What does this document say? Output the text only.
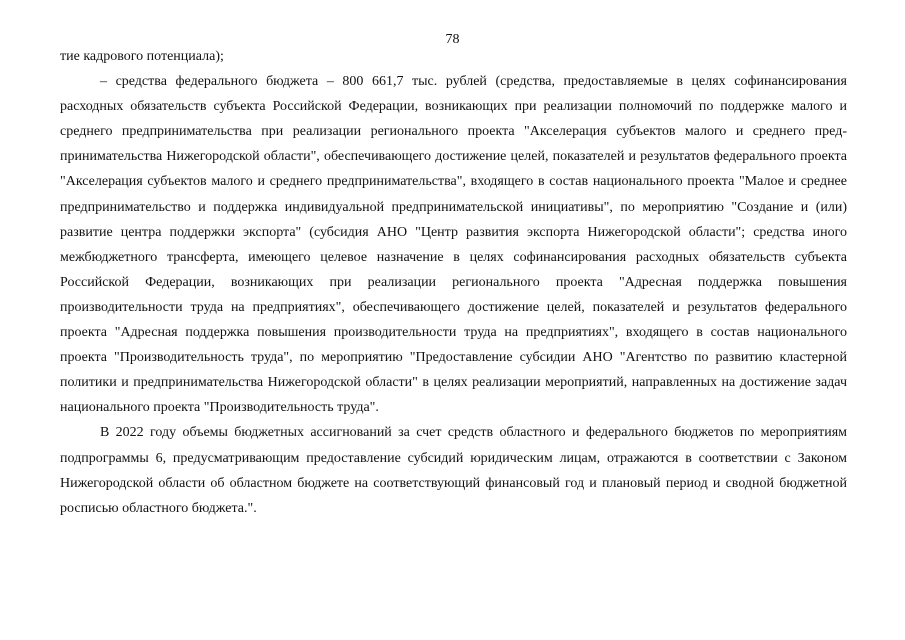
78

тие кадрового потенциала);

– средства федерального бюджета – 800 661,7 тыс. рублей (средства, предоставляемые в целях софинансирования расходных обязательств субъекта Российской Федерации, возникающих при реализации полномочий по поддержке малого и среднего предпринимательства при реализации регионального проекта "Акселерация субъектов малого и среднего предпринимательства Нижегородской области", обеспечивающего достижение целей, показателей и результатов федерального проекта "Акселерация субъектов малого и среднего предпринимательства", входящего в состав национального проекта "Малое и среднее предпринимательство и поддержка индивидуальной предпринимательской инициативы", по мероприятию "Создание и (или) развитие центра поддержки экспорта" (субсидия АНО "Центр развития экспорта Нижегородской области"; средства иного межбюджетного трансферта, имеющего целевое назначение в целях софинансирования расходных обязательств субъекта Российской Федерации, возникающих при реализации регионального проекта "Адресная поддержка повышения производительности труда на предприятиях", обеспечивающего достижение целей, показателей и результатов федерального проекта "Адресная поддержка повышения производительности труда на предприятиях", входящего в состав национального проекта "Производительность труда", по мероприятию "Предоставление субсидии АНО "Агентство по развитию кластерной политики и предпринимательства Нижегородской области" в целях реализации мероприятий, направленных на достижение задач национального проекта "Производительность труда".

В 2022 году объемы бюджетных ассигнований за счет средств областного и федерального бюджетов по мероприятиям подпрограммы 6, предусматривающим предоставление субсидий юридическим лицам, отражаются в соответствии с Законом Нижегородской области об областном бюджете на соответствующий финансовый год и плановый период и сводной бюджетной росписью областного бюджета.".
